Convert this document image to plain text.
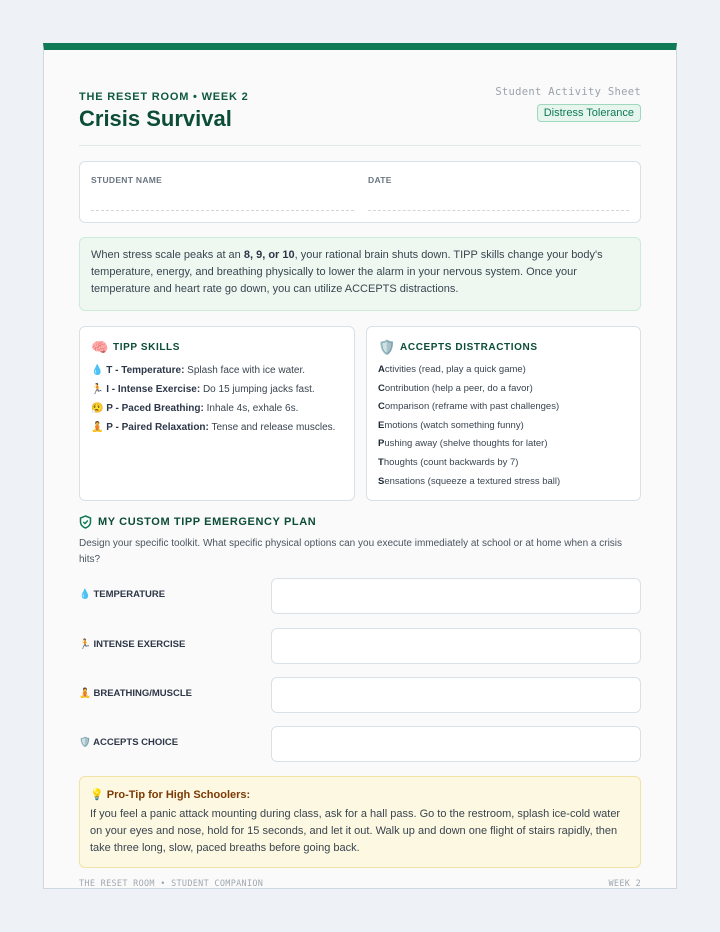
THE RESET ROOM • WEEK 2
Crisis Survival
Student Activity Sheet
Distress Tolerance
STUDENT NAME	DATE
When stress scale peaks at an 8, 9, or 10, your rational brain shuts down. TIPP skills change your body's temperature, energy, and breathing physically to lower the alarm in your nervous system. Once your temperature and heart rate go down, you can utilize ACCEPTS distractions.
🧠 TIPP SKILLS
💧 T - Temperature: Splash face with ice water.
🏃 I - Intense Exercise: Do 15 jumping jacks fast.
😮‍💨 P - Paced Breathing: Inhale 4s, exhale 6s.
🧘 P - Paired Relaxation: Tense and release muscles.
🛡️ ACCEPTS DISTRACTIONS
Activities (read, play a quick game)
Contribution (help a peer, do a favor)
Comparison (reframe with past challenges)
Emotions (watch something funny)
Pushing away (shelve thoughts for later)
Thoughts (count backwards by 7)
Sensations (squeeze a textured stress ball)
MY CUSTOM TIPP EMERGENCY PLAN
Design your specific toolkit. What specific physical options can you execute immediately at school or at home when a crisis hits?
💧 TEMPERATURE
🏃 INTENSE EXERCISE
🧘 BREATHING/MUSCLE
🛡️ ACCEPTS CHOICE
💡 Pro-Tip for High Schoolers:
If you feel a panic attack mounting during class, ask for a hall pass. Go to the restroom, splash ice-cold water on your eyes and nose, hold for 15 seconds, and let it out. Walk up and down one flight of stairs rapidly, then take three long, slow, paced breaths before going back.
THE RESET ROOM • STUDENT COMPANION	WEEK 2
